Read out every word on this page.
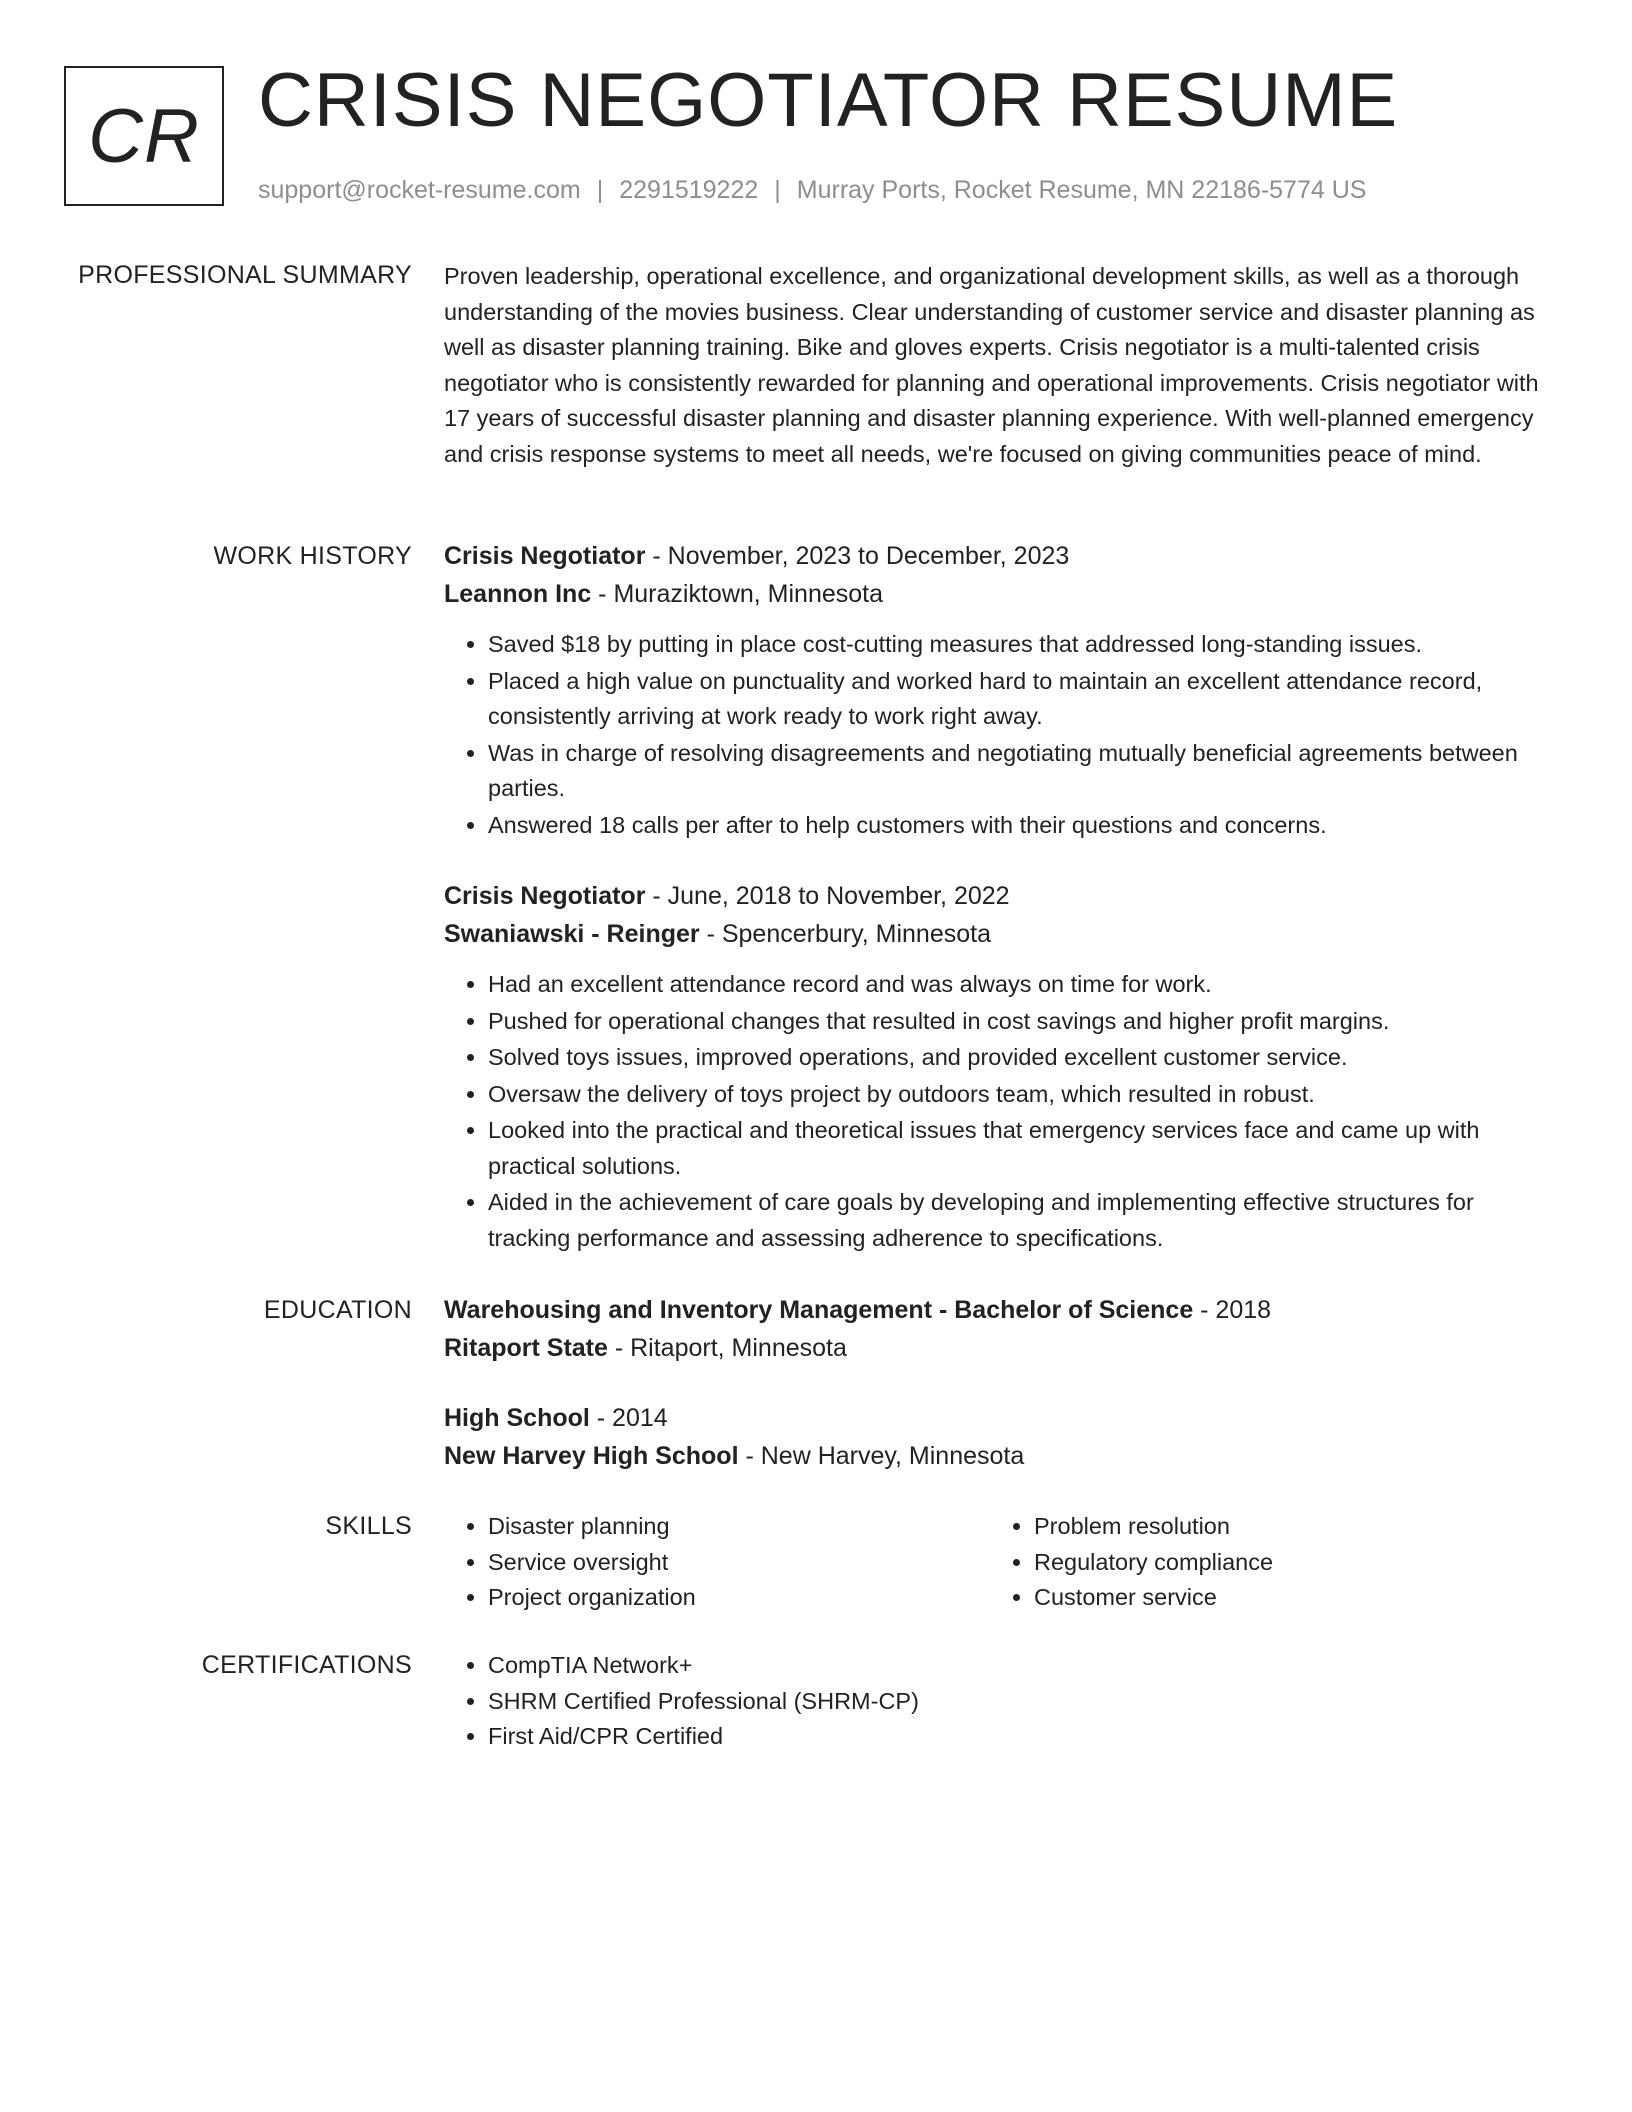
CR CRISIS NEGOTIATOR RESUME
support@rocket-resume.com | 2291519222 | Murray Ports, Rocket Resume, MN 22186-5774 US
PROFESSIONAL SUMMARY Proven leadership, operational excellence, and organizational development skills, as well as a thorough understanding of the movies business. Clear understanding of customer service and disaster planning as well as disaster planning training. Bike and gloves experts. Crisis negotiator is a multi-talented crisis negotiator who is consistently rewarded for planning and operational improvements. Crisis negotiator with 17 years of successful disaster planning and disaster planning experience. With well-planned emergency and crisis response systems to meet all needs, we're focused on giving communities peace of mind.

WORK HISTORY Crisis Negotiator - November, 2023 to December, 2023
Leannon Inc - Muraziktown, Minnesota
• Saved $18 by putting in place cost-cutting measures that addressed long-standing issues.
• Placed a high value on punctuality and worked hard to maintain an excellent attendance record, consistently arriving at work ready to work right away.
• Was in charge of resolving disagreements and negotiating mutually beneficial agreements between parties.
• Answered 18 calls per after to help customers with their questions and concerns.
Crisis Negotiator - June, 2018 to November, 2022
Swaniawski - Reinger - Spencerbury, Minnesota
• Had an excellent attendance record and was always on time for work.
• Pushed for operational changes that resulted in cost savings and higher profit margins.
• Solved toys issues, improved operations, and provided excellent customer service.
• Oversaw the delivery of toys project by outdoors team, which resulted in robust.
• Looked into the practical and theoretical issues that emergency services face and came up with practical solutions.
• Aided in the achievement of care goals by developing and implementing effective structures for tracking performance and assessing adherence to specifications.
EDUCATION Warehousing and Inventory Management - Bachelor of Science - 2018
Ritaport State - Ritaport, Minnesota
High School - 2014
New Harvey High School - New Harvey, Minnesota
SKILLS	• Disaster planning
• Service oversight
• Project organization
• Problem resolution
• Regulatory compliance
• Customer service
CERTIFICATIONS	• CompTIA Network+
• SHRM Certified Professional (SHRM-CP)
• First Aid/CPR Certified
